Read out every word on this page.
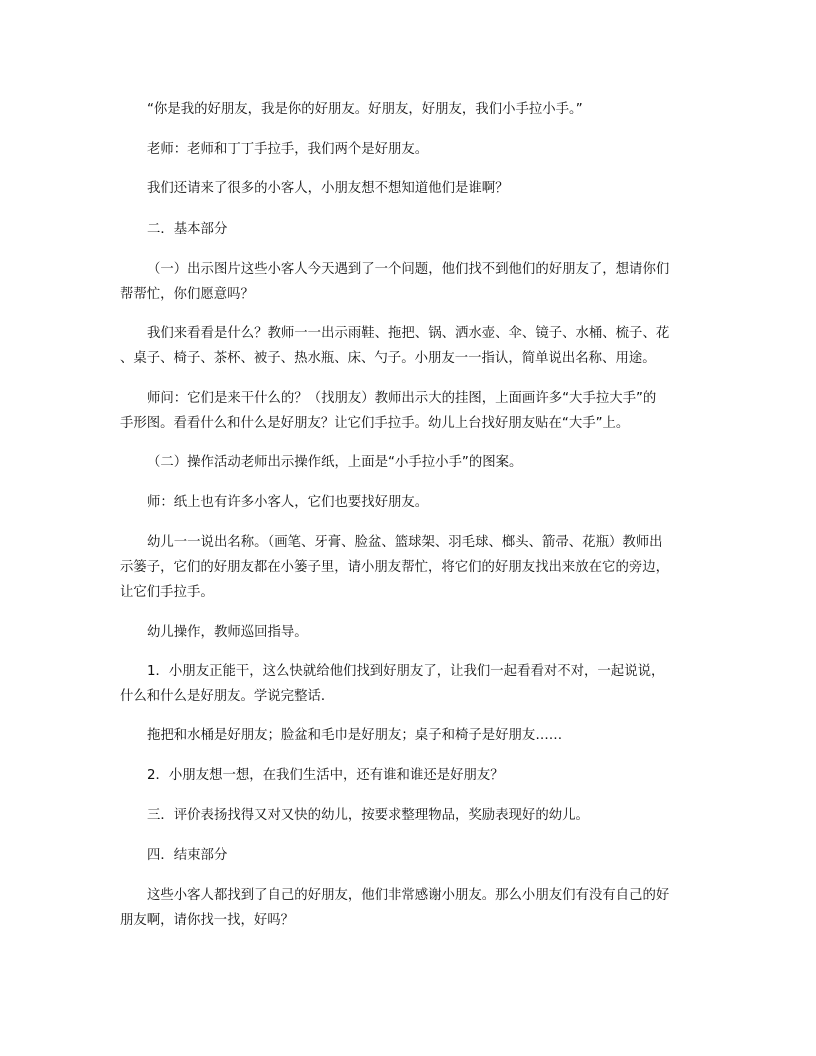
“你是我的好朋友，我是你的好朋友。好朋友，好朋友，我们小手拉小手。”

老师：老师和丁丁手拉手，我们两个是好朋友。

我们还请来了很多的小客人，小朋友想不想知道他们是谁啊？

二．基本部分

（一）出示图片这些小客人今天遇到了一个问题，他们找不到他们的好朋友了，想请你们
帮帮忙，你们愿意吗？
我们来看看是什么？教师一一出示雨鞋、拖把、锅、洒水壶、伞、镜子、水桶、梳子、花
、桌子、椅子、茶杯、被子、热水瓶、床、勺子。小朋友一一指认，简单说出名称、用途。
师问：它们是来干什么的？（找朋友）教师出示大的挂图，上面画许多“大手拉大手”的
手形图。看看什么和什么是好朋友？让它们手拉手。幼儿上台找好朋友贴在“大手”上。

（二）操作活动老师出示操作纸，上面是“小手拉小手”的图案。

师：纸上也有许多小客人，它们也要找好朋友。

幼儿一一说出名称。（画笔、牙膏、脸盆、篮球架、羽毛球、榔头、箭帚、花瓶）教师出
示篓子，它们的好朋友都在小篓子里，请小朋友帮忙，将它们的好朋友找出来放在它的旁边，
让它们手拉手。

幼儿操作，教师巡回指导。

1．小朋友正能干，这么快就给他们找到好朋友了，让我们一起看看对不对，一起说说，
什么和什么是好朋友。学说完整话．

拖把和水桶是好朋友；脸盆和毛巾是好朋友；桌子和椅子是好朋友……

2．小朋友想一想，在我们生活中，还有谁和谁还是好朋友？

三．评价表扬找得又对又快的幼儿，按要求整理物品，奖励表现好的幼儿。

四．结束部分

这些小客人都找到了自己的好朋友，他们非常感谢小朋友。那么小朋友们有没有自己的好
朋友啊，请你找一找，好吗？
